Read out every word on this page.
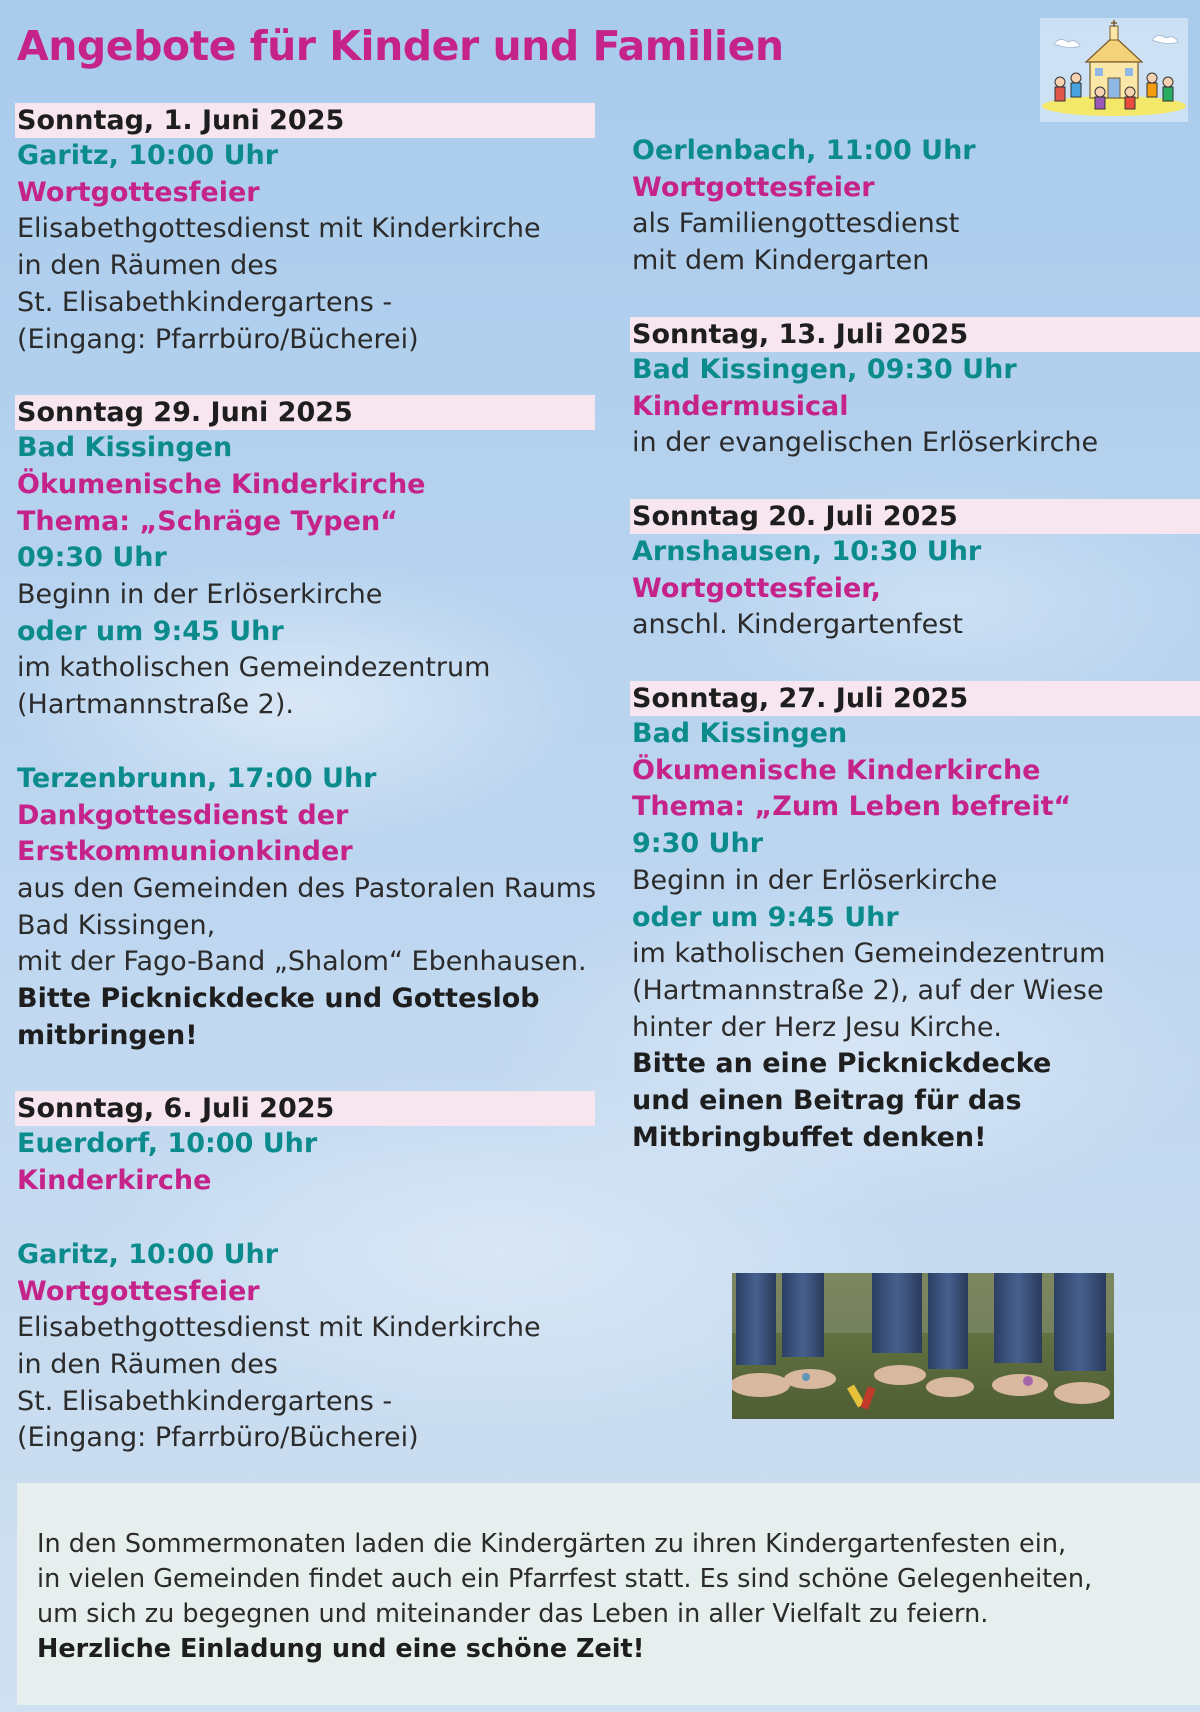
Angebote für Kinder und Familien
Sonntag, 1. Juni 2025
Garitz, 10:00 Uhr
Wortgottesfeier
Elisabethgottesdienst mit Kinderkirche
in den Räumen des
St. Elisabethkindergartens -
(Eingang: Pfarrbüro/Bücherei)
Sonntag 29. Juni 2025
Bad Kissingen
Ökumenische Kinderkirche
Thema: „Schräge Typen“
09:30 Uhr
Beginn in der Erlöserkirche
oder um 9:45 Uhr
im katholischen Gemeindezentrum
(Hartmannstraße 2).
Terzenbrunn, 17:00 Uhr
Dankgottesdienst der
Erstkommunionkinder
aus den Gemeinden des Pastoralen Raums
Bad Kissingen,
mit der Fago-Band „Shalom“ Ebenhausen.
Bitte Picknickdecke und Gotteslob
mitbringen!
Sonntag, 6. Juli 2025
Euerdorf, 10:00 Uhr
Kinderkirche
Garitz, 10:00 Uhr
Wortgottesfeier
Elisabethgottesdienst mit Kinderkirche
in den Räumen des
St. Elisabethkindergartens -
(Eingang: Pfarrbüro/Bücherei)
Oerlenbach, 11:00 Uhr
Wortgottesfeier
als Familiengottesdienst
mit dem Kindergarten
Sonntag, 13. Juli 2025
Bad Kissingen, 09:30 Uhr
Kindermusical
in der evangelischen Erlöserkirche
Sonntag 20. Juli 2025
Arnshausen, 10:30 Uhr
Wortgottesfeier,
anschl. Kindergartenfest
Sonntag, 27. Juli 2025
Bad Kissingen
Ökumenische Kinderkirche
Thema: „Zum Leben befreit“
9:30 Uhr
Beginn in der Erlöserkirche
oder um 9:45 Uhr
im katholischen Gemeindezentrum
(Hartmannstraße 2), auf der Wiese
hinter der Herz Jesu Kirche.
Bitte an eine Picknickdecke
und einen Beitrag für das
Mitbringbuffet denken!
In den Sommermonaten laden die Kindergärten zu ihren Kindergartenfesten ein,
in vielen Gemeinden findet auch ein Pfarrfest statt. Es sind schöne Gelegenheiten,
um sich zu begegnen und miteinander das Leben in aller Vielfalt zu feiern.
Herzliche Einladung und eine schöne Zeit!
